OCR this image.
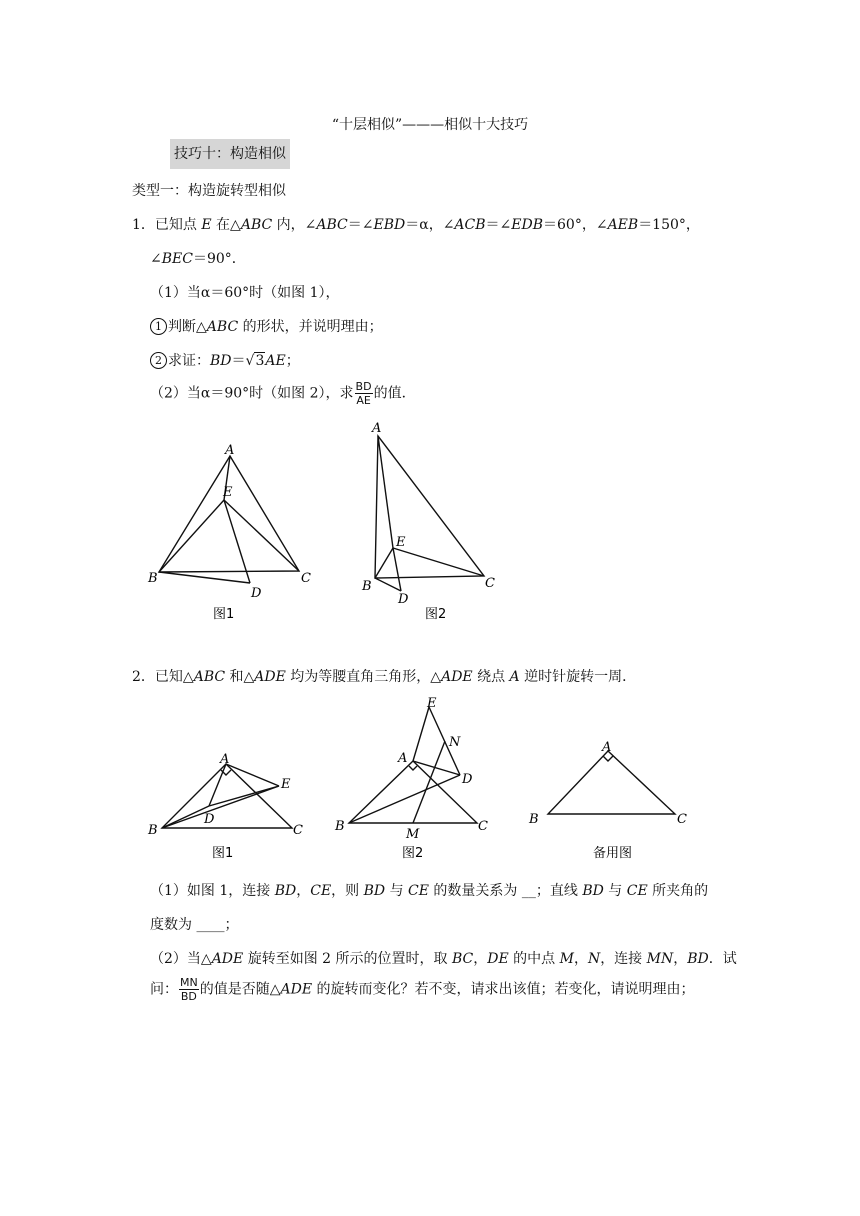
“十层相似”———相似十大技巧
技巧十：构造相似
类型一：构造旋转型相似
1．已知点 E 在△ABC 内，∠ABC＝∠EBD＝α，∠ACB＝∠EDB＝60°，∠AEB＝150°，
∠BEC＝90°．
（1）当α＝60°时（如图 1），
1 判断△ABC 的形状，并说明理由；
2 求证：BD＝√3AE；
（2）当α＝90°时（如图 2），求 $\frac{BD}{AE}$ 的值．
A
E
B	C
D
图1
A
E
B	C
D
图2
2．已知△ABC 和△ADE 均为等腰直角三角形，△ADE 绕点 A 逆时针旋转一周．
A
B	C
D
E
图1
A
B	C
D
E
N
M
图2
A
B	C
备用图
（1）如图 1，连接 BD，CE，则 BD 与 CE 的数量关系为 __；直线 BD 与 CE 所夹角的
度数为 ____；
（2）当△ADE 旋转至如图 2 所示的位置时，取 BC，DE 的中点 M，N，连接 MN，BD．试
问： $\frac{MN}{BD}$ 的值是否随△ADE 的旋转而变化？若不变，请求出该值；若变化，请说明理由；
